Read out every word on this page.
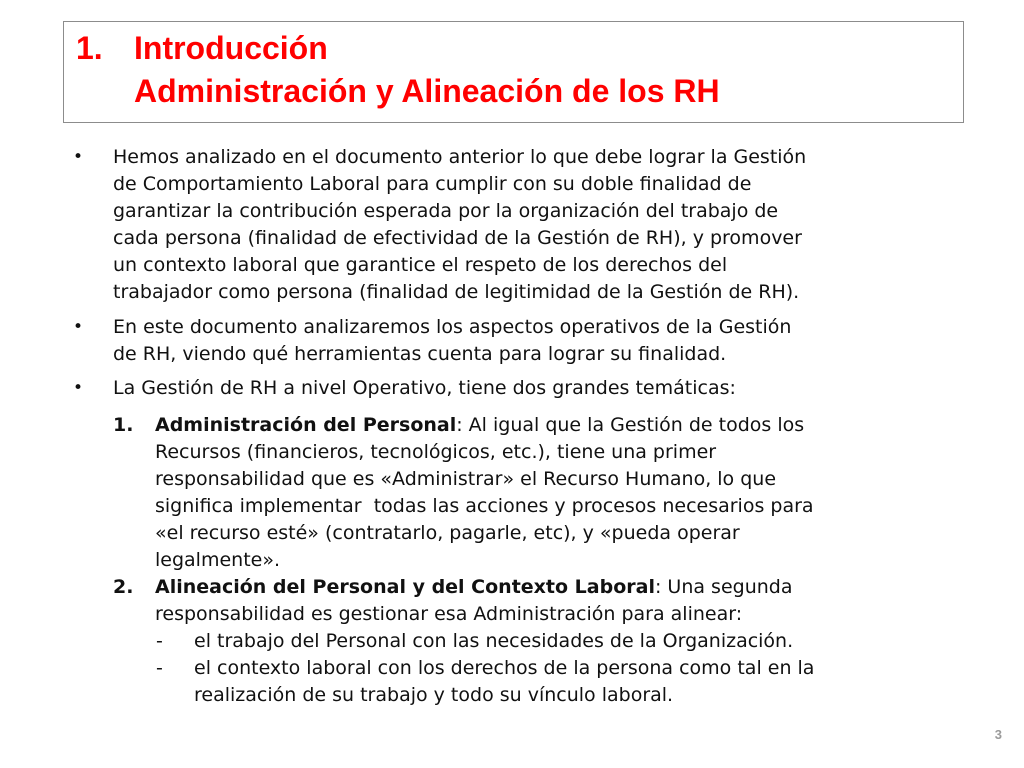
1. Introducción
Administración y Alineación de los RH
• Hemos analizado en el documento anterior lo que debe lograr la Gestión
de Comportamiento Laboral para cumplir con su doble finalidad de
garantizar la contribución esperada por la organización del trabajo de
cada persona (finalidad de efectividad de la Gestión de RH), y promover
un contexto laboral que garantice el respeto de los derechos del
trabajador como persona (finalidad de legitimidad de la Gestión de RH).
• En este documento analizaremos los aspectos operativos de la Gestión
de RH, viendo qué herramientas cuenta para lograr su finalidad.
• La Gestión de RH a nivel Operativo, tiene dos grandes temáticas:
1. Administración del Personal: Al igual que la Gestión de todos los
Recursos (financieros, tecnológicos, etc.), tiene una primer
responsabilidad que es «Administrar» el Recurso Humano, lo que
significa implementar  todas las acciones y procesos necesarios para
«el recurso esté» (contratarlo, pagarle, etc), y «pueda operar
legalmente».
2. Alineación del Personal y del Contexto Laboral: Una segunda
responsabilidad es gestionar esa Administración para alinear:
- el trabajo del Personal con las necesidades de la Organización.
- el contexto laboral con los derechos de la persona como tal en la
realización de su trabajo y todo su vínculo laboral.
3
